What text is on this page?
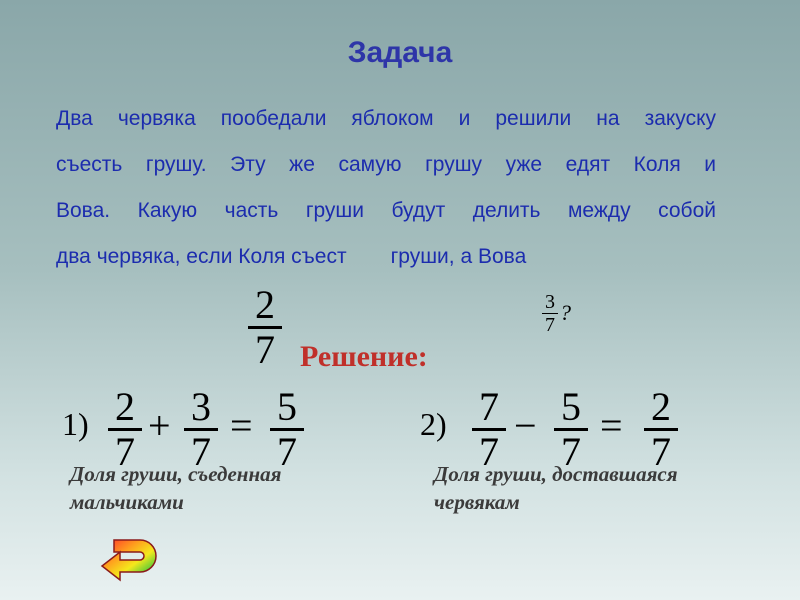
Задача
Два червяка пообедали яблоком и решили на закуску
съесть грушу. Эту же самую грушу уже едят Коля и
Вова. Какую часть груши будут делить между собой
два червяка, если Коля съест груши, а Вова
2
7
3
7 ?
Решение:
1) 2
7
+ 3
7
= 5
7
2) 7
7
− 5
7
= 2
7
Доля груши, съеденная
мальчиками
Доля груши, доставшаяся
червякам
